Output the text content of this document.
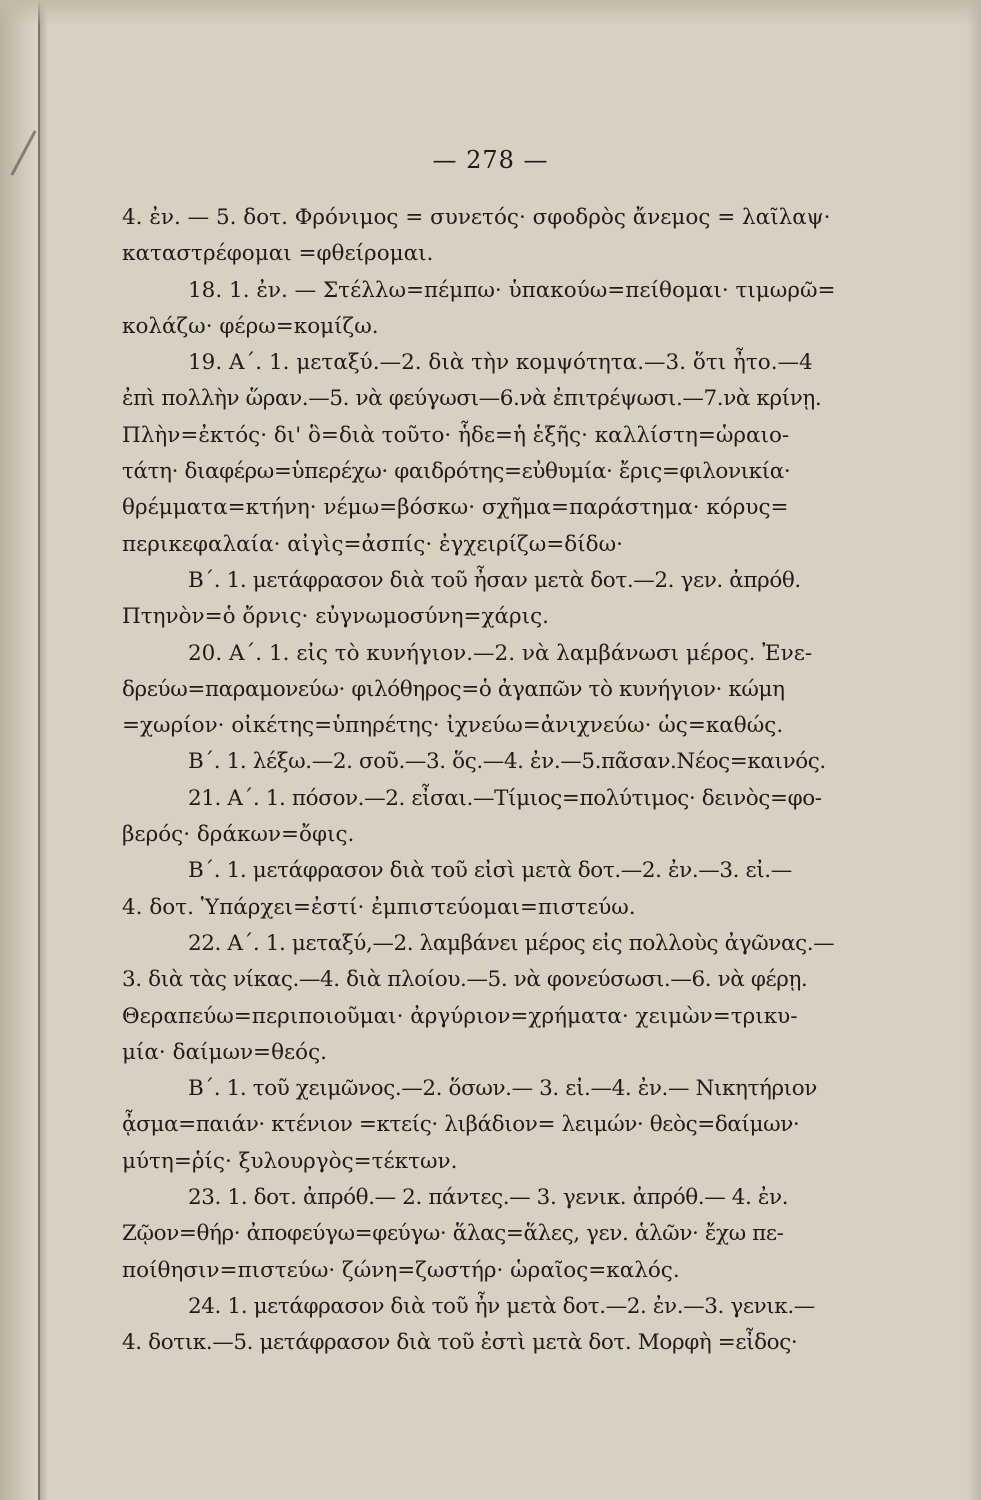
— 278 —
4. ἐν. — 5. δοτ. Φρόνιμος = συνετός· σφοδρὸς ἄνεμος = λαῖλαψ·
καταστρέφομαι =φθείρομαι.
18. 1. ἐν. — Στέλλω=πέμπω· ὑπακούω=πείθομαι· τιμωρῶ=
κολάζω· φέρω=κομίζω.
19. Α΄. 1. μεταξύ.—2. διὰ τὴν κομψότητα.—3. ὅτι ἦτο.—4
ἐπὶ πολλὴν ὥραν.—5. νὰ φεύγωσι—6.νὰ ἐπιτρέψωσι.—7.νὰ κρίνῃ.
Πλὴν=ἐκτός· δι' ὃ=διὰ τοῦτο· ἧδε=ἡ ἑξῆς· καλλίστη=ὡραιο-
τάτη· διαφέρω=ὑπερέχω· φαιδρότης=εὐθυμία· ἔρις=φιλονικία·
θρέμματα=κτήνη· νέμω=βόσκω· σχῆμα=παράστημα· κόρυς=
περικεφαλαία· αἰγὶς=ἀσπίς· ἐγχειρίζω=δίδω·
Β΄. 1. μετάφρασον διὰ τοῦ ἦσαν μετὰ δοτ.—2. γεν. ἀπρόθ.
Πτηνὸν=ὁ ὄρνις· εὐγνωμοσύνη=χάρις.
20. Α΄. 1. εἰς τὸ κυνήγιον.—2. νὰ λαμβάνωσι μέρος. Ἐνε-
δρεύω=παραμονεύω· φιλόθηρος=ὁ ἀγαπῶν τὸ κυνήγιον· κώμη
=χωρίον· οἰκέτης=ὑπηρέτης· ἰχνεύω=ἀνιχνεύω· ὡς=καθώς.
Β΄. 1. λέξω.—2. σοῦ.—3. ὅς.—4. ἐν.—5.πᾶσαν.Νέος=καινός.
21. Α΄. 1. πόσον.—2. εἶσαι.—Τίμιος=πολύτιμος· δεινὸς=φο-
βερός· δράκων=ὄφις.
Β΄. 1. μετάφρασον διὰ τοῦ εἰσὶ μετὰ δοτ.—2. ἐν.—3. εἰ.—
4. δοτ. Ὑπάρχει=ἐστί· ἐμπιστεύομαι=πιστεύω.
22. Α΄. 1. μεταξύ,—2. λαμβάνει μέρος εἰς πολλοὺς ἀγῶνας.—
3. διὰ τὰς νίκας.—4. διὰ πλοίου.—5. νὰ φονεύσωσι.—6. νὰ φέρῃ.
Θεραπεύω=περιποιοῦμαι· ἀργύριον=χρήματα· χειμὼν=τρικυ-
μία· δαίμων=θεός.
Β΄. 1. τοῦ χειμῶνος.—2. ὅσων.— 3. εἰ.—4. ἐν.— Νικητήριον
ᾆσμα=παιάν· κτένιον =κτείς· λιβάδιον= λειμών· θεὸς=δαίμων·
μύτη=ῥίς· ξυλουργὸς=τέκτων.
23. 1. δοτ. ἀπρόθ.— 2. πάντες.— 3. γενικ. ἀπρόθ.— 4. ἐν.
Ζῷον=θήρ· ἀποφεύγω=φεύγω· ἅλας=ἅλες, γεν. ἁλῶν· ἔχω πε-
ποίθησιν=πιστεύω· ζώνη=ζωστήρ· ὡραῖος=καλός.
24. 1. μετάφρασον διὰ τοῦ ἦν μετὰ δοτ.—2. ἐν.—3. γενικ.—
4. δοτικ.—5. μετάφρασον διὰ τοῦ ἐστὶ μετὰ δοτ. Μορφὴ =εἶδος·
